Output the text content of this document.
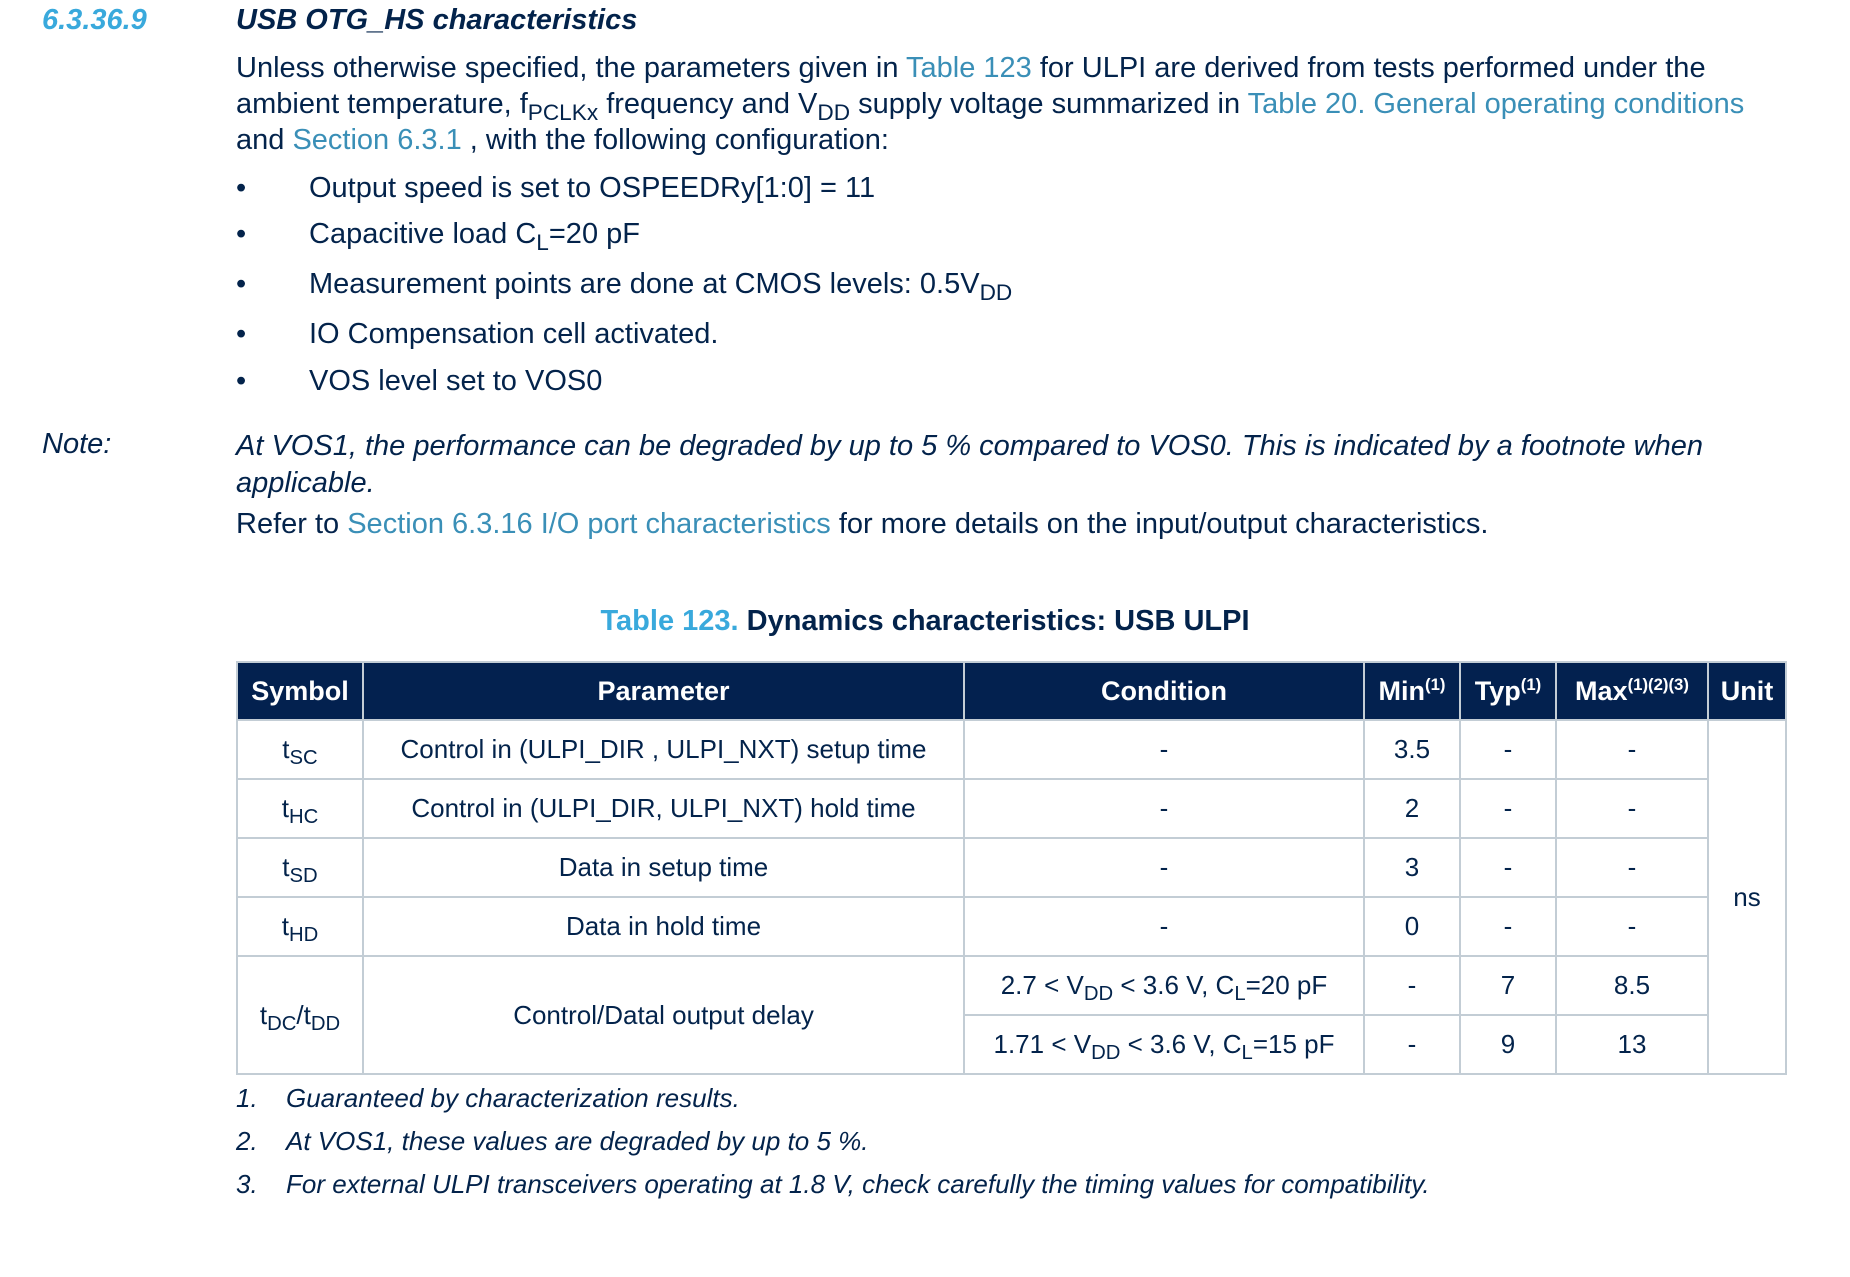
6.3.36.9	USB OTG_HS characteristics
Unless otherwise specified, the parameters given in Table 123 for ULPI are derived from tests performed under the ambient temperature, $f_{PCLKx}$ frequency and $V_{DD}$ supply voltage summarized in Table 20. General operating conditions and Section 6.3.1 , with the following configuration:
•	Output speed is set to OSPEEDRy[1:0] = 11
•	Capacitive load $C_L=20$ pF
•	Measurement points are done at CMOS levels: $0.5V_{DD}$
•	IO Compensation cell activated.
•	VOS level set to VOS0
Note:	At VOS1, the performance can be degraded by up to 5 % compared to VOS0. This is indicated by a footnote when applicable.
Refer to Section 6.3.16 I/O port characteristics for more details on the input/output characteristics.
Table 123. Dynamics characteristics: USB ULPI
Symbol	Parameter	Condition	Min$^{(1)}$	Typ$^{(1)}$	Max$^{(1)(2)(3)}$	Unit
$t_{SC}$	Control in (ULPI_DIR , ULPI_NXT) setup time	-	3.5	-	-	ns
$t_{HC}$	Control in (ULPI_DIR, ULPI_NXT) hold time	-	2	-	-	
$t_{SD}$	Data in setup time	-	3	-	-	
$t_{HD}$	Data in hold time	-	0	-	-	
$t_{DC}/t_{DD}$	Control/Datal output delay	$2.7 < V_{DD} < 3.6$ V, $C_L=20$ pF	-	7	8.5	
		$1.71 < V_{DD} < 3.6$ V, $C_L=15$ pF	-	9	13	
1. Guaranteed by characterization results.
2. At VOS1, these values are degraded by up to 5 %.
3. For external ULPI transceivers operating at 1.8 V, check carefully the timing values for compatibility.
